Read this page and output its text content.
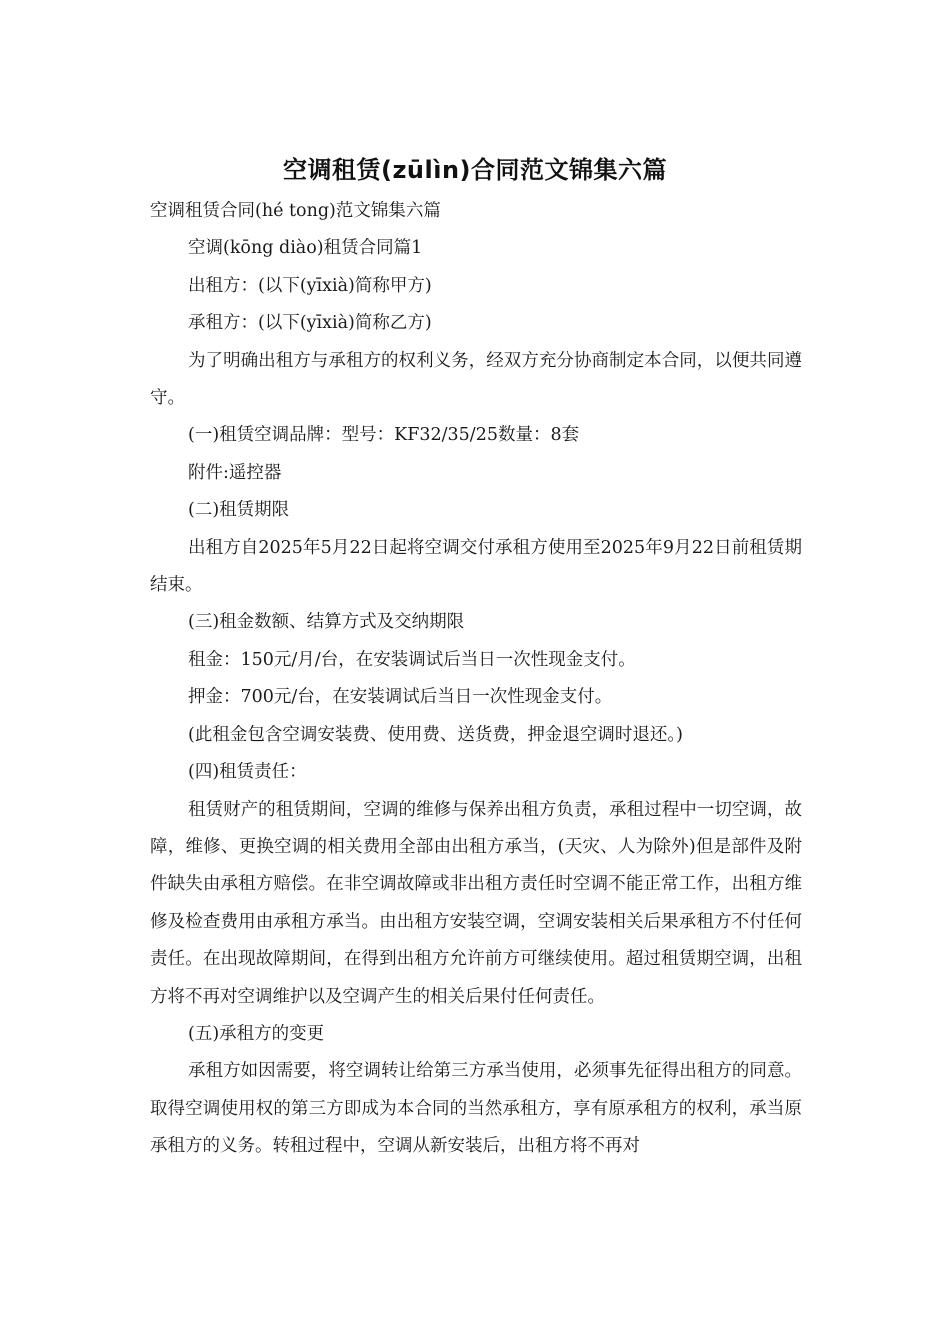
空调租赁(zūlìn)合同范文锦集六篇

空调租赁合同(hé tong)范文锦集六篇

空调(kōng diào)租赁合同篇1

出租方：(以下(yīxià)简称甲方)

承租方：(以下(yīxià)简称乙方)

为了明确出租方与承租方的权利义务，经双方充分协商制定本合同，以便共同遵守。

(一)租赁空调品牌：型号：KF32/35/25数量：8套

附件:遥控器

(二)租赁期限

出租方自2025年5月22日起将空调交付承租方使用至2025年9月22日前租赁期结束。

(三)租金数额、结算方式及交纳期限

租金：150元/月/台，在安装调试后当日一次性现金支付。

押金：700元/台，在安装调试后当日一次性现金支付。

(此租金包含空调安装费、使用费、送货费，押金退空调时退还。)

(四)租赁责任：

租赁财产的租赁期间，空调的维修与保养出租方负责，承租过程中一切空调，故障，维修、更换空调的相关费用全部由出租方承当，(天灾、人为除外)但是部件及附件缺失由承租方赔偿。在非空调故障或非出租方责任时空调不能正常工作，出租方维修及检查费用由承租方承当。由出租方安装空调，空调安装相关后果承租方不付任何责任。在出现故障期间，在得到出租方允许前方可继续使用。超过租赁期空调，出租方将不再对空调维护以及空调产生的相关后果付任何责任。

(五)承租方的变更

承租方如因需要，将空调转让给第三方承当使用，必须事先征得出租方的同意。取得空调使用权的第三方即成为本合同的当然承租方，享有原承租方的权利，承当原承租方的义务。转租过程中，空调从新安装后，出租方将不再对
